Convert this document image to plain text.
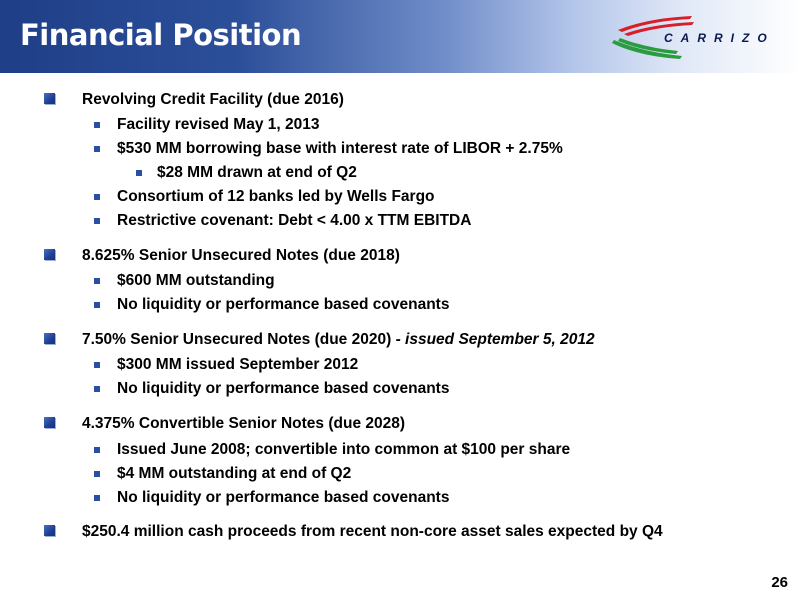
Financial Position	CARRIZO
Revolving Credit Facility (due 2016)
Facility revised May 1, 2013
$530 MM borrowing base with interest rate of LIBOR + 2.75%
$28 MM drawn at end of Q2
Consortium of 12 banks led by Wells Fargo
Restrictive covenant: Debt < 4.00 x TTM EBITDA
8.625% Senior Unsecured Notes (due 2018)
$600 MM outstanding
No liquidity or performance based covenants
7.50% Senior Unsecured Notes (due 2020) - issued September 5, 2012
$300 MM issued September 2012
No liquidity or performance based covenants
4.375% Convertible Senior Notes (due 2028)
Issued June 2008; convertible into common at $100 per share
$4 MM outstanding at end of Q2
No liquidity or performance based covenants
$250.4 million cash proceeds from recent non-core asset sales expected by Q4
26
